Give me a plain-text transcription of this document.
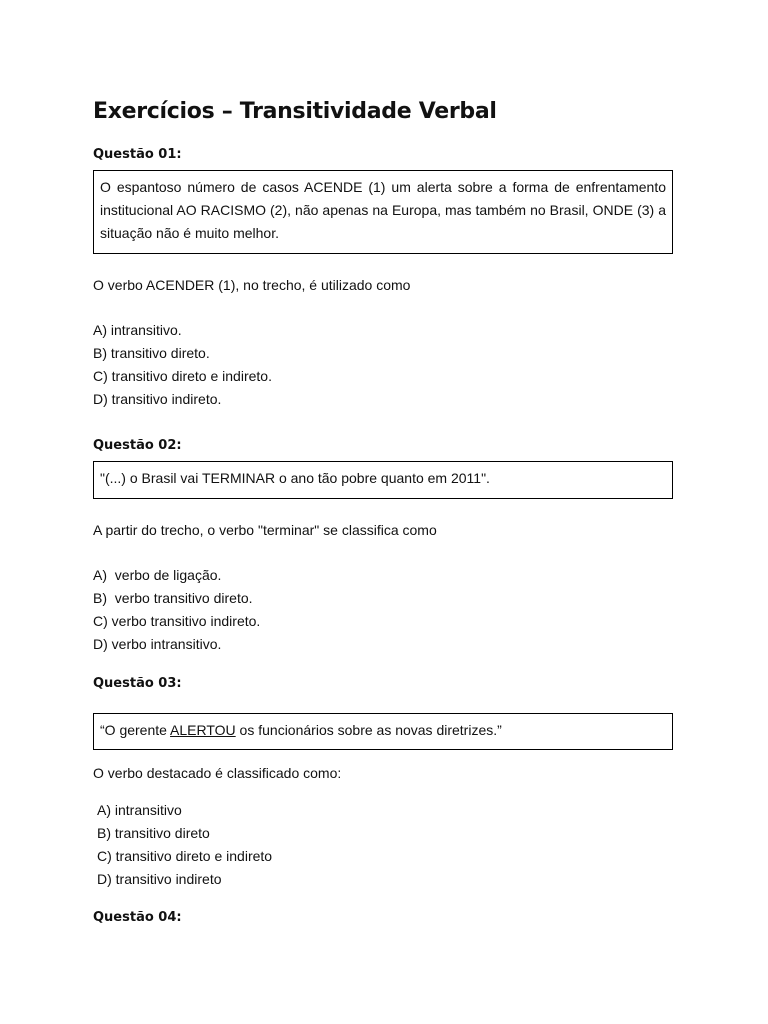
Exercícios – Transitividade Verbal
Questão 01:
O espantoso número de casos ACENDE (1) um alerta sobre a forma de enfrentamento institucional AO RACISMO (2), não apenas na Europa, mas também no Brasil, ONDE (3) a situação não é muito melhor.
O verbo ACENDER (1), no trecho, é utilizado como
A) intransitivo.
B) transitivo direto.
C) transitivo direto e indireto.
D) transitivo indireto.
Questão 02:
"(...) o Brasil vai TERMINAR o ano tão pobre quanto em 2011".
A partir do trecho, o verbo "terminar" se classifica como
A)  verbo de ligação.
B)  verbo transitivo direto.
C) verbo transitivo indireto.
D) verbo intransitivo.
Questão 03:
“O gerente ALERTOU os funcionários sobre as novas diretrizes.”
O verbo destacado é classificado como:
A) intransitivo
B) transitivo direto
C) transitivo direto e indireto
D) transitivo indireto
Questão 04:
